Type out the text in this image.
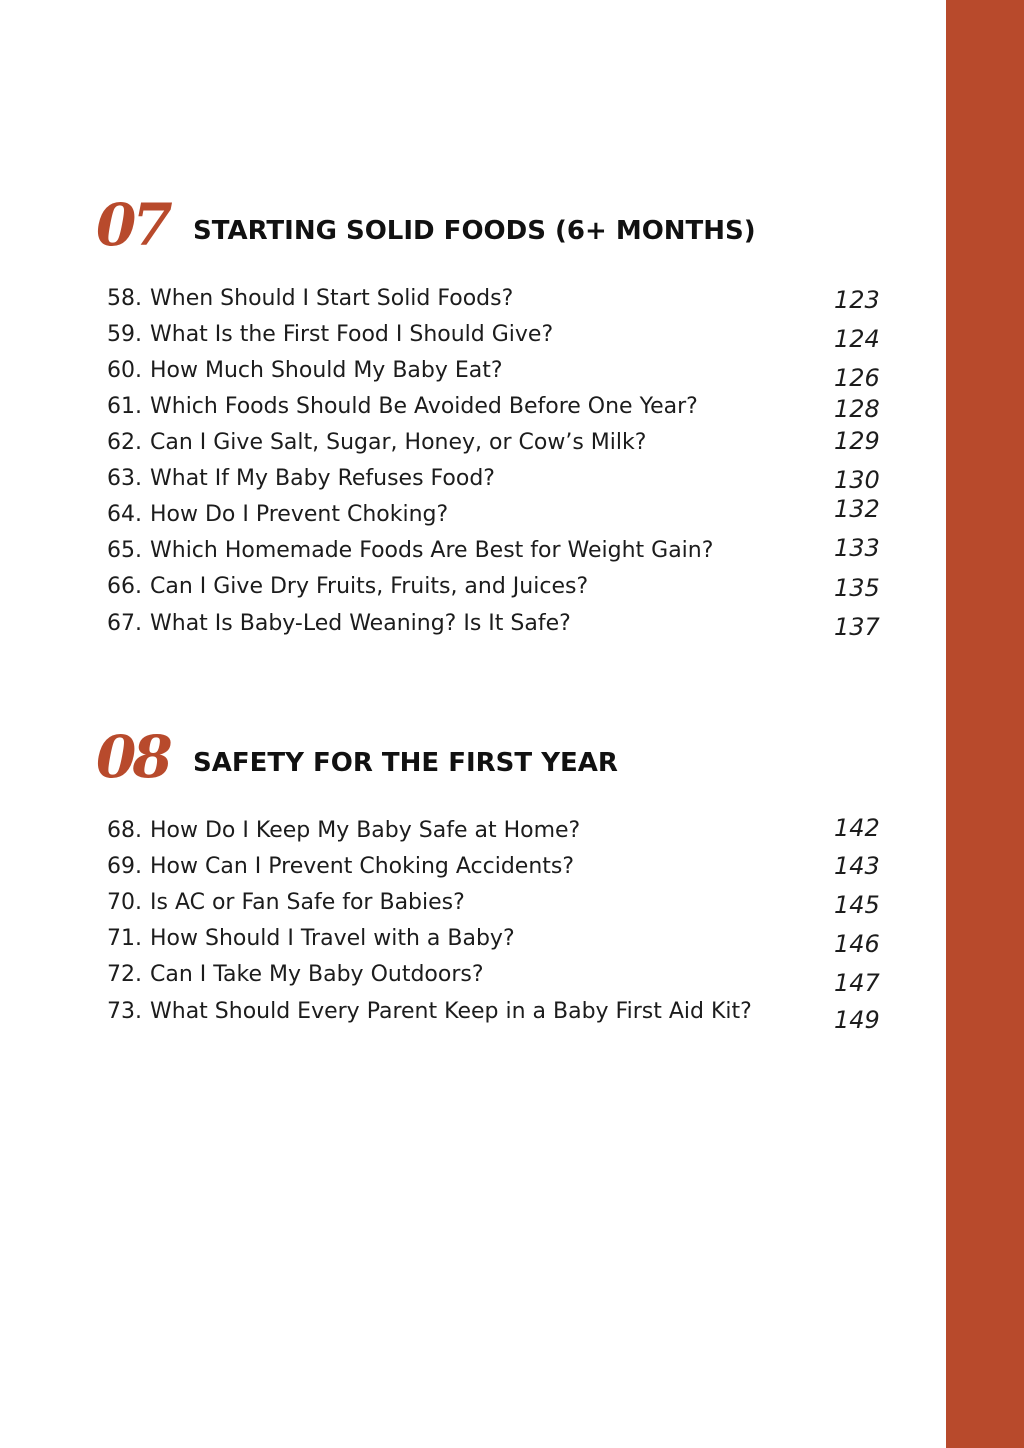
07 STARTING SOLID FOODS (6+ MONTHS)
58. When Should I Start Solid Foods?	123
59. What Is the First Food I Should Give?	124
60. How Much Should My Baby Eat?	126
61. Which Foods Should Be Avoided Before One Year?	128
62. Can I Give Salt, Sugar, Honey, or Cow’s Milk?	129
63. What If My Baby Refuses Food?	130
64. How Do I Prevent Choking?	132
65. Which Homemade Foods Are Best for Weight Gain?	133
66. Can I Give Dry Fruits, Fruits, and Juices?	135
67. What Is Baby-Led Weaning? Is It Safe?	137
08 SAFETY FOR THE FIRST YEAR
68. How Do I Keep My Baby Safe at Home?	142
69. How Can I Prevent Choking Accidents?	143
70. Is AC or Fan Safe for Babies?	145
71. How Should I Travel with a Baby?	146
72. Can I Take My Baby Outdoors?	147
73. What Should Every Parent Keep in a Baby First Aid Kit?	149
